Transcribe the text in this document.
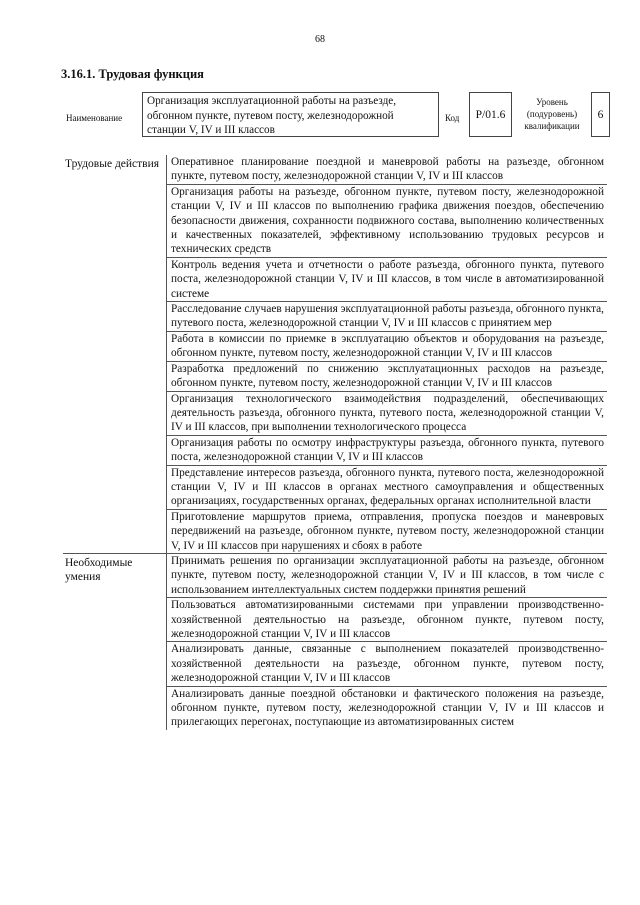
68
3.16.1. Трудовая функция
Наименование
Организация эксплуатационной работы на разъезде, обгонном пункте, путевом посту, железнодорожной станции V, IV и III классов
Код	Р/01.6
Уровень (подуровень) квалификации
6
Трудовые действия	Оперативное планирование поездной и маневровой работы на разъезде, обгонном пункте, путевом посту, железнодорожной станции V, IV и III классов
Организация работы на разъезде, обгонном пункте, путевом посту, железнодорожной станции V, IV и III классов по выполнению графика движения поездов, обеспечению безопасности движения, сохранности подвижного состава, выполнению количественных и качественных показателей, эффективному использованию трудовых ресурсов и технических средств
Контроль ведения учета и отчетности о работе разъезда, обгонного пункта, путевого поста, железнодорожной станции V, IV и III классов, в том числе в автоматизированной системе
Расследование случаев нарушения эксплуатационной работы разъезда, обгонного пункта, путевого поста, железнодорожной станции V, IV и III классов с принятием мер
Работа в комиссии по приемке в эксплуатацию объектов и оборудования на разъезде, обгонном пункте, путевом посту, железнодорожной станции V, IV и III классов
Разработка предложений по снижению эксплуатационных расходов на разъезде, обгонном пункте, путевом посту, железнодорожной станции V, IV и III классов
Организация технологического взаимодействия подразделений, обеспечивающих деятельность разъезда, обгонного пункта, путевого поста, железнодорожной станции V, IV и III классов, при выполнении технологического процесса
Организация работы по осмотру инфраструктуры разъезда, обгонного пункта, путевого поста, железнодорожной станции V, IV и III классов
Представление интересов разъезда, обгонного пункта, путевого поста, железнодорожной станции V, IV и III классов в органах местного самоуправления и общественных организациях, государственных органах, федеральных органах исполнительной власти
Приготовление маршрутов приема, отправления, пропуска поездов и маневровых передвижений на разъезде, обгонном пункте, путевом посту, железнодорожной станции V, IV и III классов при нарушениях и сбоях в работе
Необходимые умения
Принимать решения по организации эксплуатационной работы на разъезде, обгонном пункте, путевом посту, железнодорожной станции V, IV и III классов, в том числе с использованием интеллектуальных систем поддержки принятия решений
Пользоваться автоматизированными системами при управлении производственно-хозяйственной деятельностью на разъезде, обгонном пункте, путевом посту, железнодорожной станции V, IV и III классов
Анализировать данные, связанные с выполнением показателей производственно-хозяйственной деятельности на разъезде, обгонном пункте, путевом посту, железнодорожной станции V, IV и III классов
Анализировать данные поездной обстановки и фактического положения на разъезде, обгонном пункте, путевом посту, железнодорожной станции V, IV и III классов и прилегающих перегонах, поступающие из автоматизированных систем
